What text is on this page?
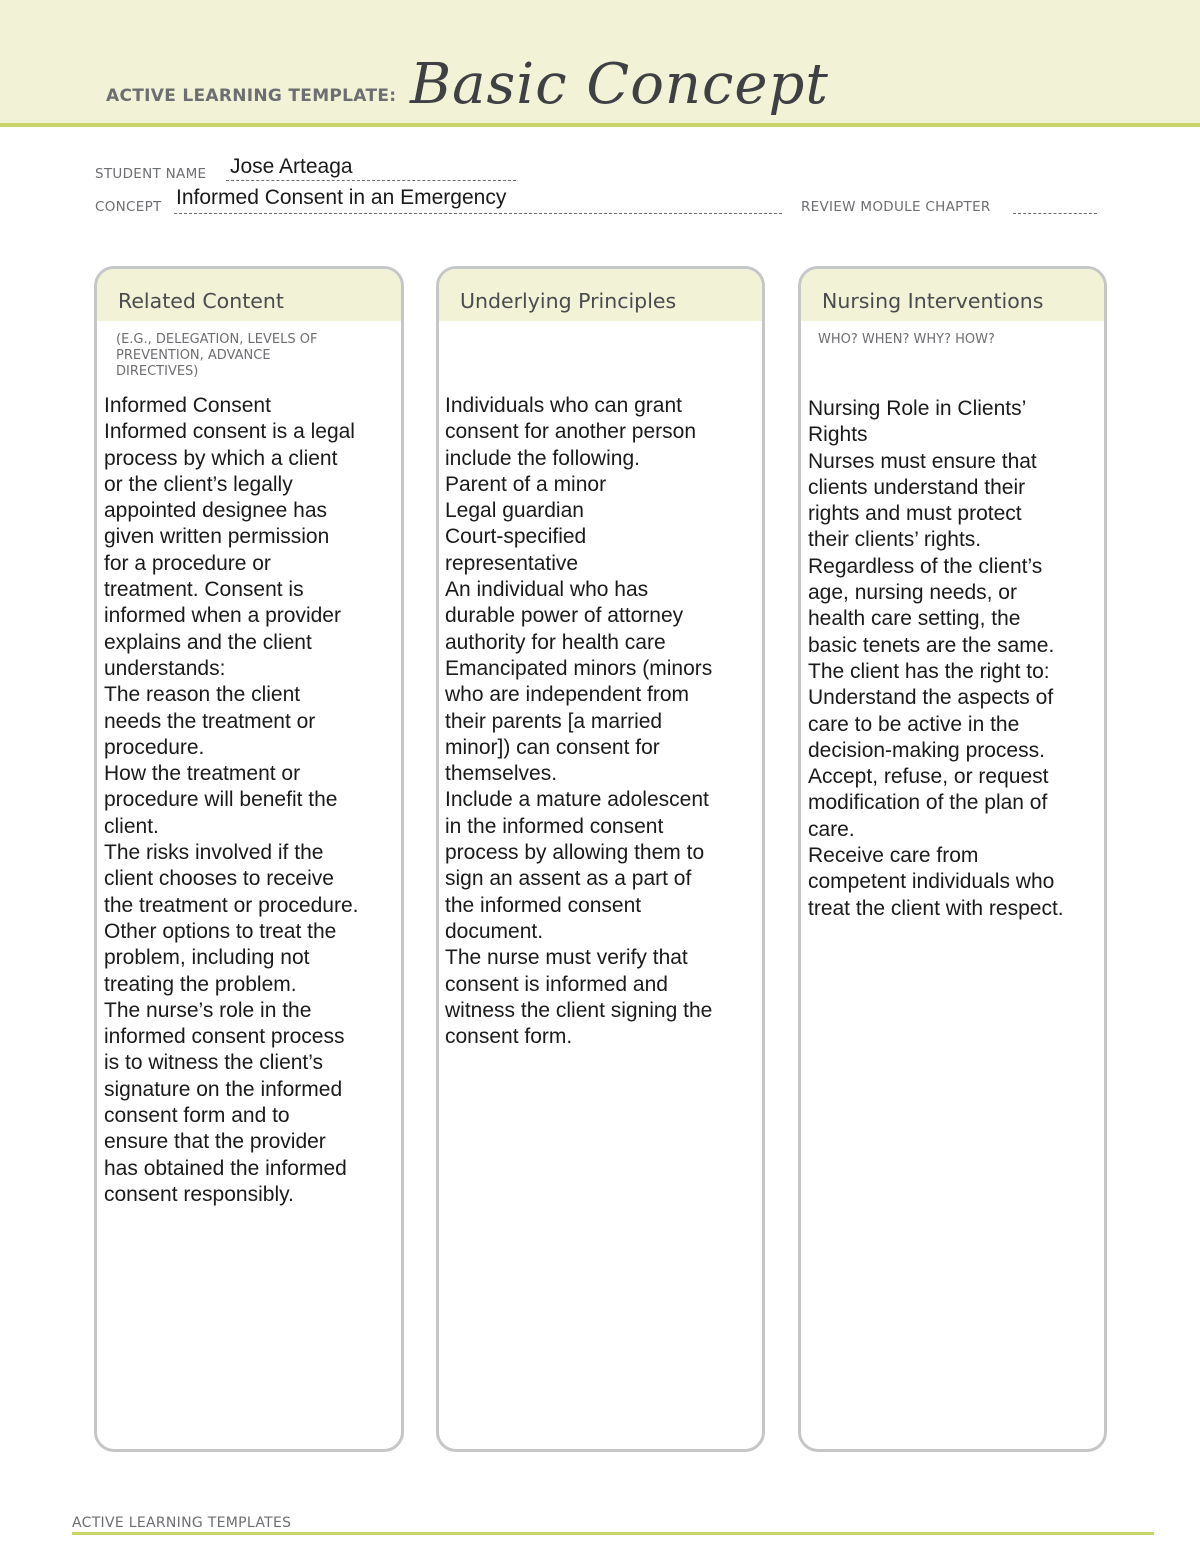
ACTIVE LEARNING TEMPLATE: Basic Concept
STUDENT NAME Jose Arteaga
CONCEPT Informed Consent in an Emergency	REVIEW MODULE CHAPTER
Related Content
(E.G., DELEGATION, LEVELS OF PREVENTION, ADVANCE DIRECTIVES)
Informed Consent
Informed consent is a legal
process by which a client
or the client’s legally
appointed designee has
given written permission
for a procedure or
treatment. Consent is
informed when a provider
explains and the client
understands:
The reason the client
needs the treatment or
procedure.
How the treatment or
procedure will benefit the
client.
The risks involved if the
client chooses to receive
the treatment or procedure.
Other options to treat the
problem, including not
treating the problem.
The nurse’s role in the
informed consent process
is to witness the client’s
signature on the informed
consent form and to
ensure that the provider
has obtained the informed
consent responsibly.
Underlying Principles
Individuals who can grant
consent for another person
include the following.
Parent of a minor
Legal guardian
Court-specified
representative
An individual who has
durable power of attorney
authority for health care
Emancipated minors (minors
who are independent from
their parents [a married
minor]) can consent for
themselves.
Include a mature adolescent
in the informed consent
process by allowing them to
sign an assent as a part of
the informed consent
document.
The nurse must verify that
consent is informed and
witness the client signing the
consent form.
Nursing Interventions
WHO? WHEN? WHY? HOW?
Nursing Role in Clients’
Rights
Nurses must ensure that
clients understand their
rights and must protect
their clients’ rights.
Regardless of the client’s
age, nursing needs, or
health care setting, the
basic tenets are the same.
The client has the right to:
Understand the aspects of
care to be active in the
decision-making process.
Accept, refuse, or request
modification of the plan of
care.
Receive care from
competent individuals who
treat the client with respect.
ACTIVE LEARNING TEMPLATES
